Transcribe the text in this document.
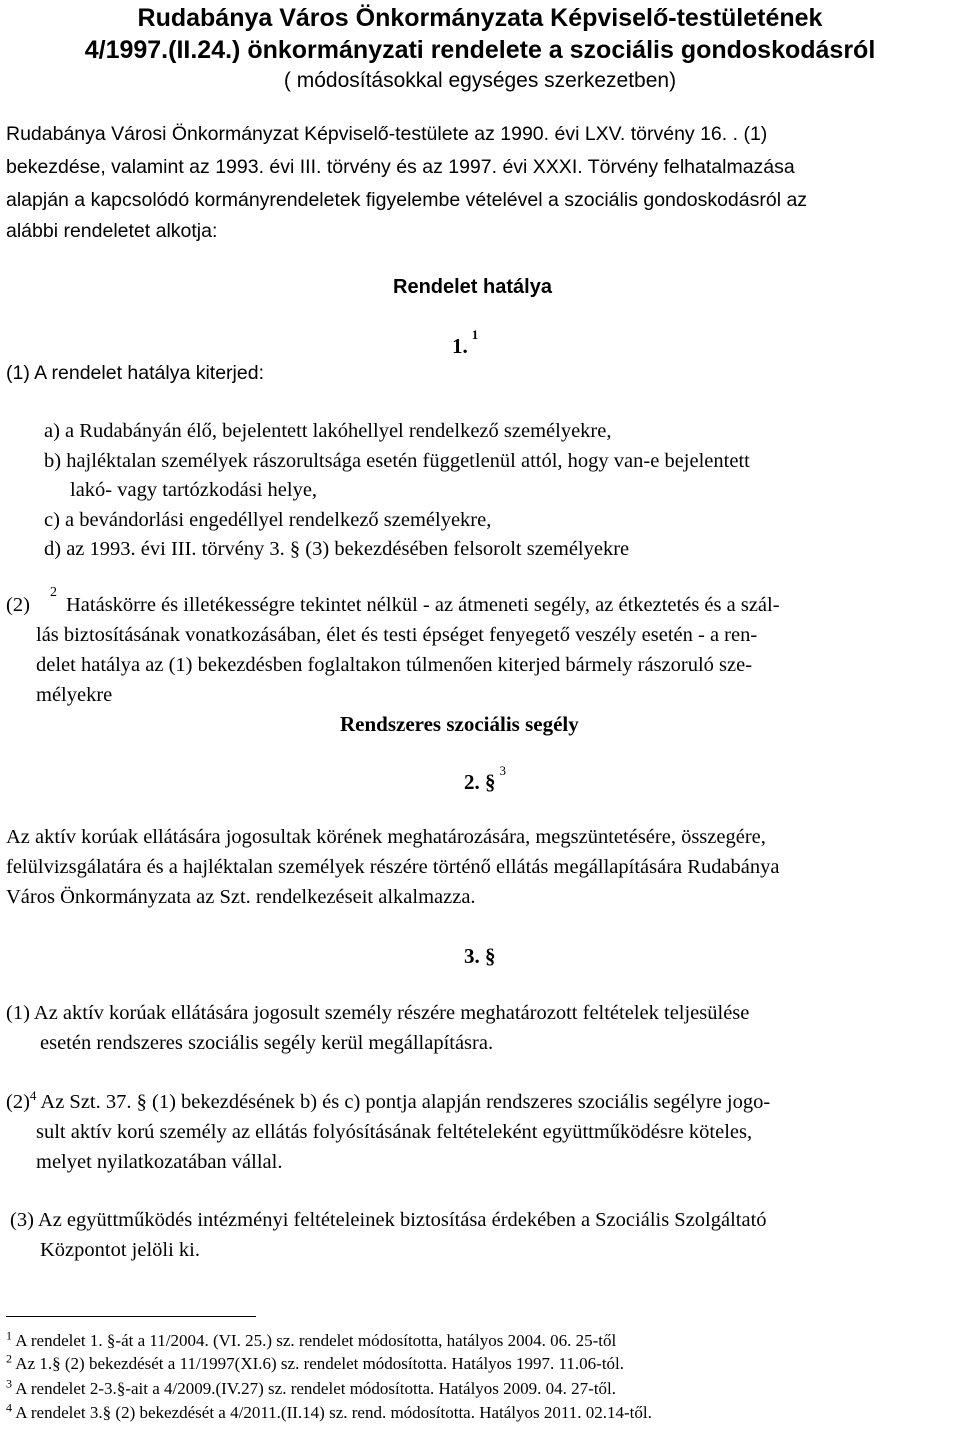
Rudabánya Város Önkormányzata Képviselő-testületének
4/1997.(II.24.) önkormányzati rendelete a szociális gondoskodásról
( módosításokkal egységes szerkezetben)
Rudabánya Városi Önkormányzat Képviselő-testülete az 1990. évi LXV. törvény 16. . (1)
bekezdése, valamint az 1993. évi III. törvény és az 1997. évi XXXI. Törvény felhatalmazása
alapján a kapcsolódó kormányrendeletek figyelembe vételével a szociális gondoskodásról az
alábbi rendeletet alkotja:
Rendelet hatálya
1. $^1$
(1) A rendelet hatálya kiterjed:
a) a Rudabányán élő, bejelentett lakóhellyel rendelkező személyekre,
b) hajléktalan személyek rászorultsága esetén függetlenül attól, hogy van-e bejelentett
lakó- vagy tartózkodási helye,
c) a bevándorlási engedéllyel rendelkező személyekre,
d) az 1993. évi III. törvény 3. § (3) bekezdésében felsorolt személyekre
(2)
2
Hatáskörre és illetékességre tekintet nélkül - az átmeneti segély, az étkeztetés és a szál-
lás biztosításának vonatkozásában, élet és testi épséget fenyegető veszély esetén - a ren-
delet hatálya az (1) bekezdésben foglaltakon túlmenően kiterjed bármely rászoruló sze-
mélyekre
Rendszeres szociális segély
2. § $^3$
Az aktív korúak ellátására jogosultak körének meghatározására, megszüntetésére, összegére,
felülvizsgálatára és a hajléktalan személyek részére történő ellátás megállapítására Rudabánya
Város Önkormányzata az Szt. rendelkezéseit alkalmazza.
3. §
(1) Az aktív korúak ellátására jogosult személy részére meghatározott feltételek teljesülése
esetén rendszeres szociális segély kerül megállapításra.
$(2)^4$ Az Szt. 37. § (1) bekezdésének b) és c) pontja alapján rendszeres szociális segélyre jogo-
sult aktív korú személy az ellátás folyósításának feltételeként együttműködésre köteles,
melyet nyilatkozatában vállal.
(3) Az együttműködés intézményi feltételeinek biztosítása érdekében a Szociális Szolgáltató
Központot jelöli ki.
$^1$ A rendelet 1. §-át a 11/2004. (VI. 25.) sz. rendelet módosította, hatályos 2004. 06. 25-től
$^2$ Az 1.§ (2) bekezdését a 11/1997(XI.6) sz. rendelet módosította. Hatályos 1997. 11.06-tól.
$^3$ A rendelet 2-3.§-ait a 4/2009.(IV.27) sz. rendelet módosította. Hatályos 2009. 04. 27-től.
$^4$ A rendelet 3.§ (2) bekezdését a 4/2011.(II.14) sz. rend. módosította. Hatályos 2011. 02.14-től.
